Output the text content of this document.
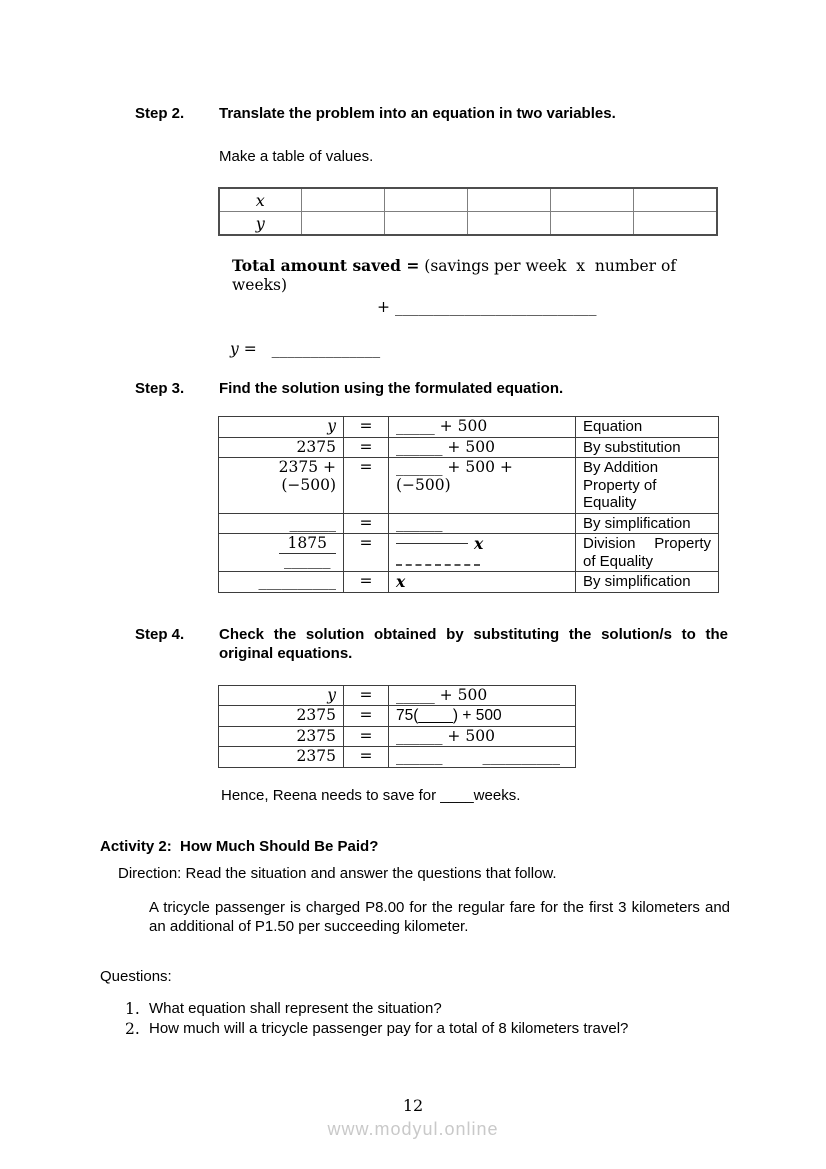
Step 2.	Translate the problem into an equation in two variables.
Make a table of values.
x					
y					
Total amount saved = (savings per week  x  number of weeks)
+ __________________________
y = ______________
Step 3.	Find the solution using the formulated equation.
y	=	_____ + 500	Equation
2375	=	______ + 500	By substitution
2375 + (−500)	=	______ + 500 + (−500)	By Addition Property of Equality
______	=	______	By simplification

$\frac{1875}{\_\_\_\_\_\_}$	=	x	Division Property of Equality
__________	=	x	By simplification
Step 4.	Check the solution obtained by substituting the solution/s to the original equations.
y	=	_____ + 500
2375	=	75(____) + 500
2375	=	______ + 500
2375	=	______ __________
Hence, Reena needs to save for ____weeks.
Activity 2:  How Much Should Be Paid?
Direction: Read the situation and answer the questions that follow.
A tricycle passenger is charged P8.00 for the regular fare for the first 3 kilometers and an additional of P1.50 per succeeding kilometer.
Questions:
1. What equation shall represent the situation?
2. How much will a tricycle passenger pay for a total of 8 kilometers travel?
12
www.modyul.online
